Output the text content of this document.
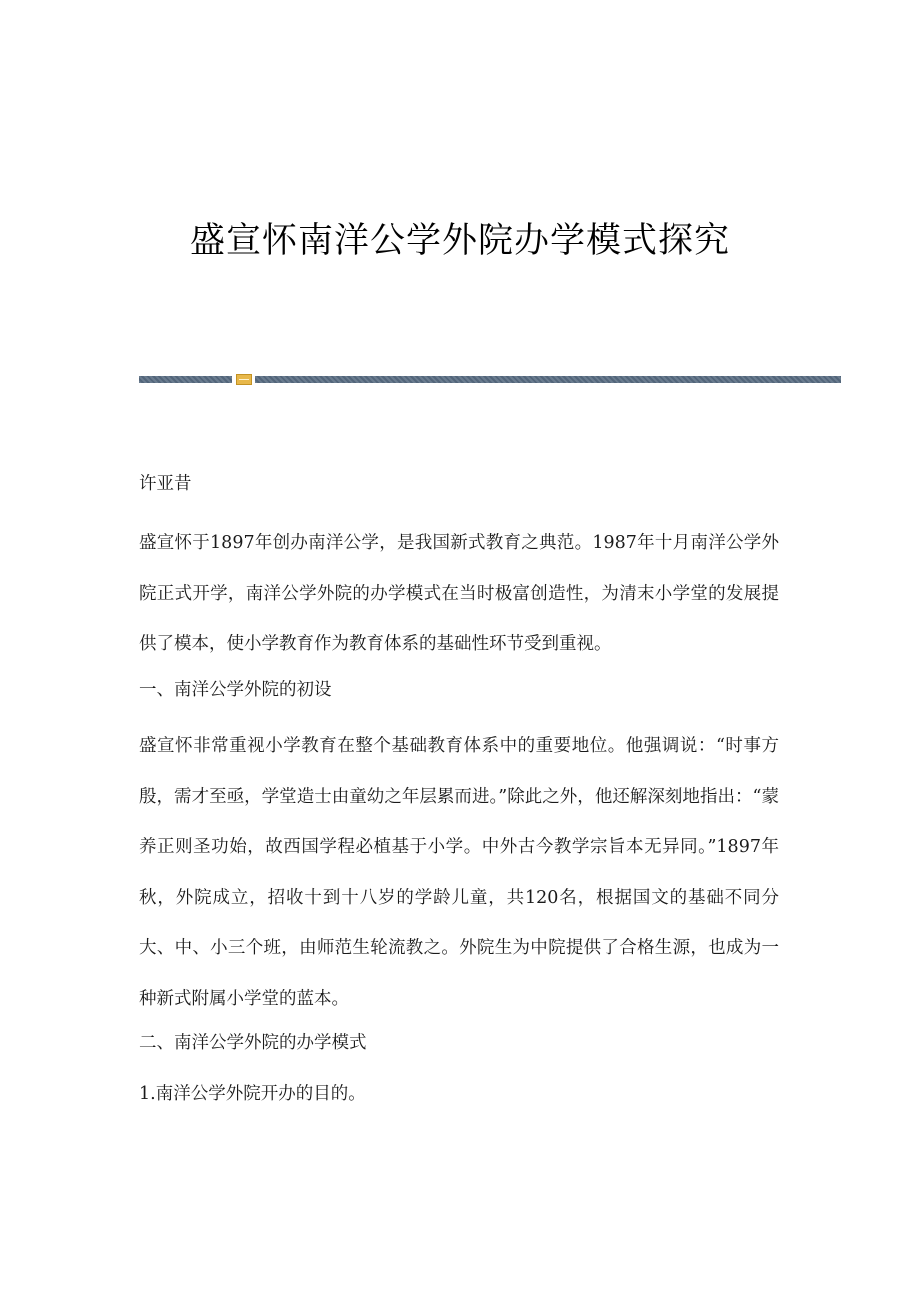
盛宣怀南洋公学外院办学模式探究
许亚昔
盛宣怀于1897年创办南洋公学，是我国新式教育之典范。1987年十月南洋公学外院正式开学，南洋公学外院的办学模式在当时极富创造性，为清末小学堂的发展提供了模本，使小学教育作为教育体系的基础性环节受到重视。
一、南洋公学外院的初设
盛宣怀非常重视小学教育在整个基础教育体系中的重要地位。他强调说：“时事方殷，需才至亟，学堂造士由童幼之年层累而进。”除此之外，他还解深刻地指出：“蒙养正则圣功始，故西国学程必植基于小学。中外古今教学宗旨本无异同。”1897年秋，外院成立，招收十到十八岁的学龄儿童，共120名，根据国文的基础不同分大、中、小三个班，由师范生轮流教之。外院生为中院提供了合格生源，也成为一种新式附属小学堂的蓝本。
二、南洋公学外院的办学模式
1.南洋公学外院开办的目的。
